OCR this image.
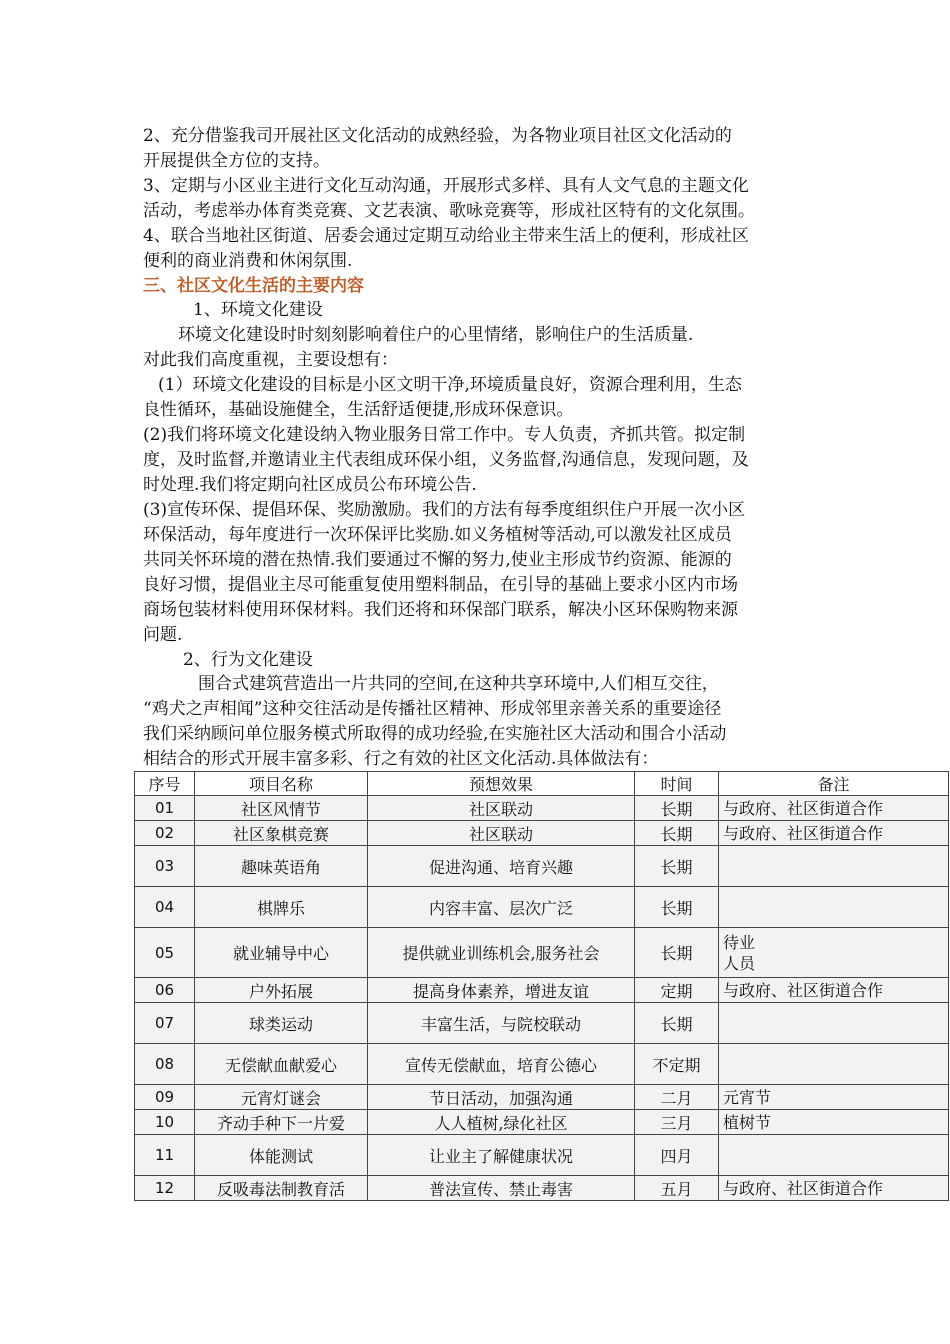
2、充分借鉴我司开展社区文化活动的成熟经验，为各物业项目社区文化活动的
开展提供全方位的支持。
3、定期与小区业主进行文化互动沟通，开展形式多样、具有人文气息的主题文化
活动，考虑举办体育类竞赛、文艺表演、歌咏竞赛等，形成社区特有的文化氛围。
4、联合当地社区街道、居委会通过定期互动给业主带来生活上的便利，形成社区
便利的商业消费和休闲氛围.
三、社区文化生活的主要内容
1、环境文化建设
环境文化建设时时刻刻影响着住户的心里情绪，影响住户的生活质量.
对此我们高度重视，主要设想有：
(1）环境文化建设的目标是小区文明干净,环境质量良好，资源合理利用，生态
良性循环，基础设施健全，生活舒适便捷,形成环保意识。
(2)我们将环境文化建设纳入物业服务日常工作中。专人负责，齐抓共管。拟定制
度，及时监督,并邀请业主代表组成环保小组，义务监督,沟通信息，发现问题，及
时处理.我们将定期向社区成员公布环境公告.
(3)宣传环保、提倡环保、奖励激励。我们的方法有每季度组织住户开展一次小区
环保活动，每年度进行一次环保评比奖励.如义务植树等活动,可以激发社区成员
共同关怀环境的潜在热情.我们要通过不懈的努力,使业主形成节约资源、能源的
良好习惯，提倡业主尽可能重复使用塑料制品，在引导的基础上要求小区内市场
商场包装材料使用环保材料。我们还将和环保部门联系，解决小区环保购物来源
问题.
2、行为文化建设
围合式建筑营造出一片共同的空间,在这种共享环境中,人们相互交往，
“鸡犬之声相闻”这种交往活动是传播社区精神、形成邻里亲善关系的重要途径
我们采纳顾问单位服务模式所取得的成功经验,在实施社区大活动和围合小活动
相结合的形式开展丰富多彩、行之有效的社区文化活动.具体做法有：
序号	项目名称	预想效果	时间	备注
01	社区风情节	社区联动	长期	与政府、社区街道合作
02	社区象棋竞赛	社区联动	长期	与政府、社区街道合作
03	趣味英语角	促进沟通、培育兴趣	长期	
04	棋牌乐	内容丰富、层次广泛	长期	
05	就业辅导中心	提供就业训练机会,服务社会	长期	待业
人员
06	户外拓展	提高身体素养，增进友谊	定期	与政府、社区街道合作
07	球类运动	丰富生活，与院校联动	长期	
08	无偿献血献爱心	宣传无偿献血，培育公德心	不定期	
09	元宵灯谜会	节日活动，加强沟通	二月	元宵节
10	齐动手种下一片爱	人人植树,绿化社区	三月	植树节
11	体能测试	让业主了解健康状况	四月	
12	反吸毒法制教育活	普法宣传、禁止毒害	五月	与政府、社区街道合作
